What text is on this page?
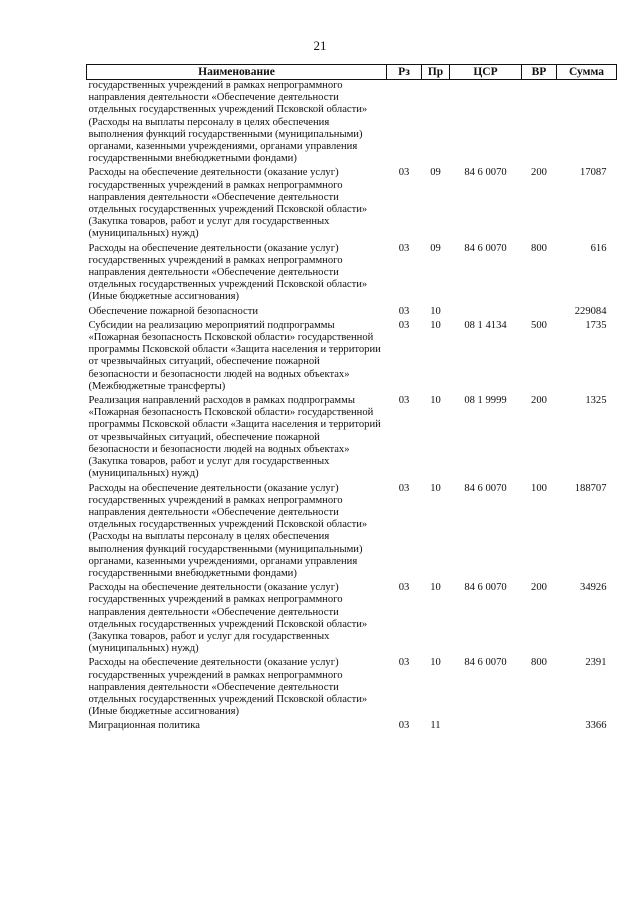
21
Наименование	Рз	Пр	ЦСР	ВР	Сумма
государственных учреждений в рамках непрограммного направления деятельности «Обеспечение деятельности отдельных государственных учреждений Псковской области» (Расходы на выплаты персоналу в целях обеспечения выполнения функций государственными (муниципальными) органами, казенными учреждениями, органами управления государственными внебюджетными фондами)					
Расходы на обеспечение деятельности (оказание услуг) государственных учреждений в рамках непрограммного направления деятельности «Обеспечение деятельности отдельных государственных учреждений Псковской области» (Закупка товаров, работ и услуг для государственных (муниципальных) нужд)	03	09	84 6 0070	200	17087
Расходы на обеспечение деятельности (оказание услуг) государственных учреждений в рамках непрограммного направления деятельности «Обеспечение деятельности отдельных государственных учреждений Псковской области» (Иные бюджетные ассигнования)	03	09	84 6 0070	800	616
Обеспечение пожарной безопасности	03	10			229084
Субсидии на реализацию мероприятий подпрограммы «Пожарная безопасность Псковской области» государственной программы Псковской области «Защита населения и территории от чрезвычайных ситуаций, обеспечение пожарной безопасности и безопасности людей на водных объектах» (Межбюджетные трансферты)	03	10	08 1 4134	500	1735
Реализация направлений расходов в рамках подпрограммы «Пожарная безопасность Псковской области» государственной программы Псковской области «Защита населения и территорий от чрезвычайных ситуаций, обеспечение пожарной безопасности и безопасности людей на водных объектах» (Закупка товаров, работ и услуг для государственных (муниципальных) нужд)	03	10	08 1 9999	200	1325
Расходы на обеспечение деятельности (оказание услуг) государственных учреждений в рамках непрограммного направления деятельности «Обеспечение деятельности отдельных государственных учреждений Псковской области» (Расходы на выплаты персоналу в целях обеспечения выполнения функций государственными (муниципальными) органами, казенными учреждениями, органами управления государственными внебюджетными фондами)	03	10	84 6 0070	100	188707
Расходы на обеспечение деятельности (оказание услуг) государственных учреждений в рамках непрограммного направления деятельности «Обеспечение деятельности отдельных государственных учреждений Псковской области» (Закупка товаров, работ и услуг для государственных (муниципальных) нужд)	03	10	84 6 0070	200	34926
Расходы на обеспечение деятельности (оказание услуг) государственных учреждений в рамках непрограммного направления деятельности «Обеспечение деятельности отдельных государственных учреждений Псковской области» (Иные бюджетные ассигнования)	03	10	84 6 0070	800	2391
Миграционная политика	03	11			3366
